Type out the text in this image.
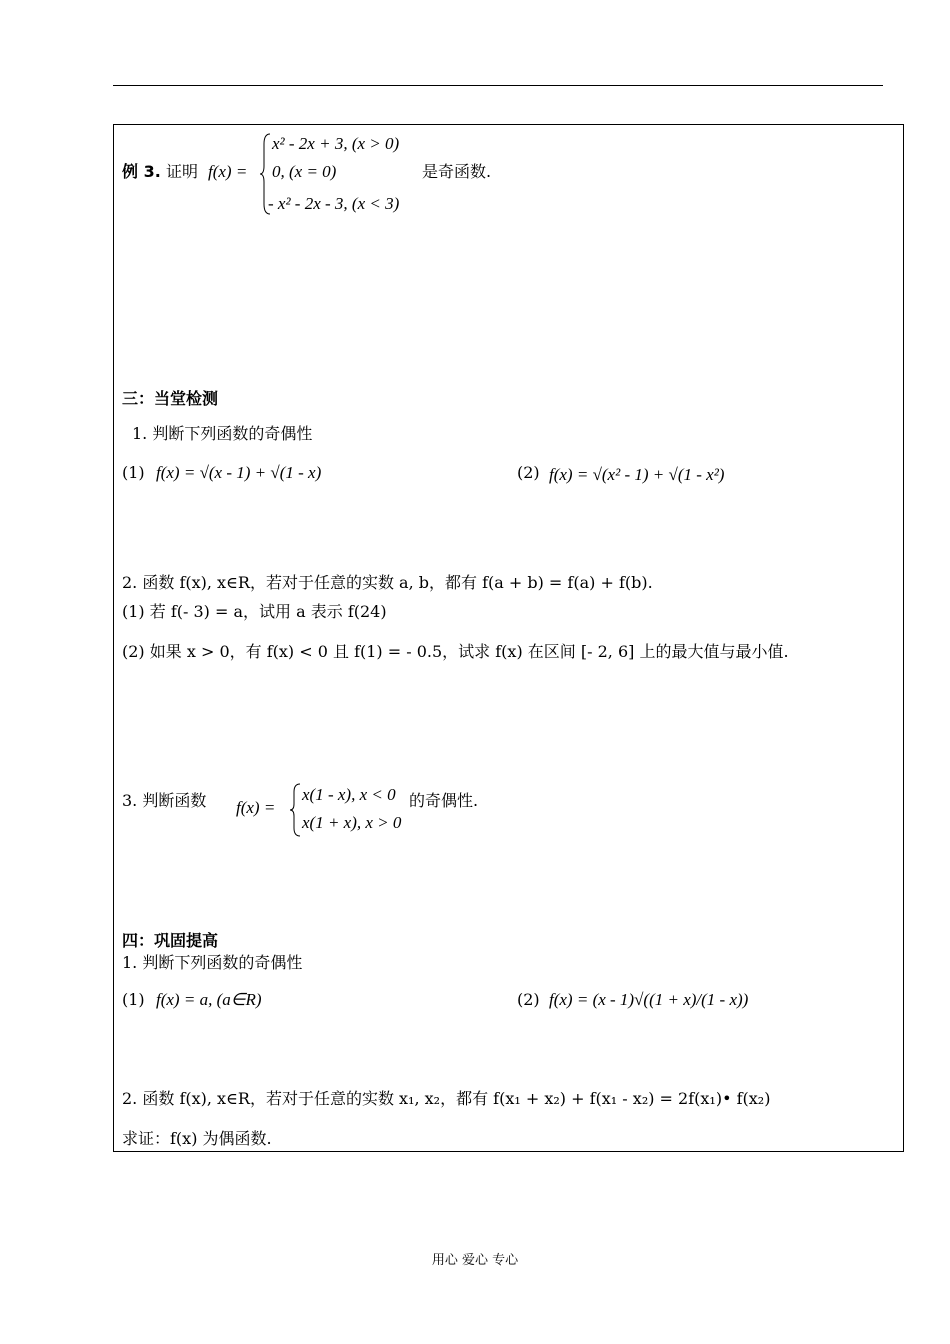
例 3. 证明 f(x) =
x² - 2x + 3, (x > 0)
0, (x = 0)
- x² - 2x - 3, (x < 3)
是奇函数.
三：当堂检测
1. 判断下列函数的奇偶性
(1) f(x) = √(x - 1) + √(1 - x)	(2) f(x) = √(x² - 1) + √(1 - x²)
2. 函数 f(x), x∈R，若对于任意的实数 a, b，都有 f(a + b) = f(a) + f(b).
(1) 若 f(- 3) = a，试用 a 表示 f(24)
(2) 如果 x > 0，有 f(x) < 0 且 f(1) = - 0.5，试求 f(x) 在区间 [- 2, 6] 上的最大值与最小值.
3. 判断函数 f(x) =
x(1 - x), x < 0
x(1 + x), x > 0
的奇偶性.
四：巩固提高
1. 判断下列函数的奇偶性
(1) f(x) = a, (a∈R)	(2) f(x) = (x - 1)√((1 + x)/(1 - x))
2. 函数 f(x), x∈R，若对于任意的实数 x₁, x₂，都有 f(x₁ + x₂) + f(x₁ - x₂) = 2f(x₁)• f(x₂)
求证：f(x) 为偶函数.
用心 爱心 专心
